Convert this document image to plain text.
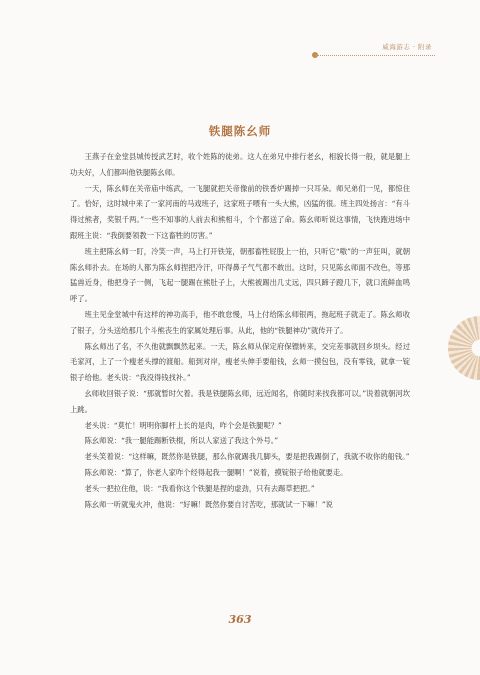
威海游志 · 附录
铁腿陈幺师

王燕子在金堂县城传授武艺时，收个姓陈的徒弟。这人在弟兄中排行老幺，相貌长得一般，就是腿上功夫好，人们都叫他铁腿陈幺师。

一天，陈幺师在关帝庙中练武，一飞腿就把关帝像前的铁香炉踢掉一只耳朵。师兄弟们一见，都惊住了。恰好，这时城中来了一家河南的马戏班子，这家班子喂有一头大熊，凶猛的很。班主四处扬言：“有斗得过熊者，奖银千两。”一些不知事的人前去和熊相斗，个个都送了命。陈幺师听说这事情，飞快跑进场中跟班主说：“我倒要领教一下这畜牲的厉害。”

班主把陈幺师一盯，冷笑一声，马上打开铁笼，朝那畜牲屁股上一拍，只听它“嗷”的一声狂叫，就朝陈幺师扑去。在场的人都为陈幺师捏把冷汗，吓得鼻子气气都不敢出。这时，只见陈幺师面不改色，等那猛兽近身，他把身子一侧，飞起一腿踢在熊肚子上，大熊被踢出几丈远，四只蹄子蹬几下，就口流鲜血鸣呼了。

班主见金堂城中有这样的神功高手，他不敢怠慢，马上付给陈幺师银两，拖起班子就走了。陈幺师收了银子，分头送给那几个斗熊丧生的家属处理后事。从此，他的“铁腿神功”就传开了。

陈幺师出了名，不久他就飘飘然起来。一天，陈幺师从保定府保镖转来，交完差事就回乡坝头。经过毛家河，上了一个瘦老头撑的渡船。船到对岸，瘦老头伸手要船钱，幺师一摸包包，没有零钱，就拿一锭银子给他。老头说：“我没得钱找补。”

幺师收回银子说：“那就暂时欠着。我是铁腿陈幺师，远近闻名，你随时来找我都可以。”说着就朝河坎上跳。

老头说：“莫忙！明明你脚杆上长的是肉，咋个会是铁腿呢？”

陈幺师说：“我一腿能踢断铁棍，所以人家送了我这个外号。”

老头笑着说：“这样嘛，既然你是铁腿，那么你就踢我几脚头，要是把我踢倒了，我就不收你的船钱。”

陈幺师说：“算了，你老人家咋个经得起我一腿啊！”说着，摸锭银子给他就要走。

老头一把拉住他，说：“我看你这个铁腿是捏的虚劲，只有去踢草把把。”

陈幺师一听就鬼火冲，他说：“好嘛！既然你要自讨苦吃，那就试一下嘛！”说

363
